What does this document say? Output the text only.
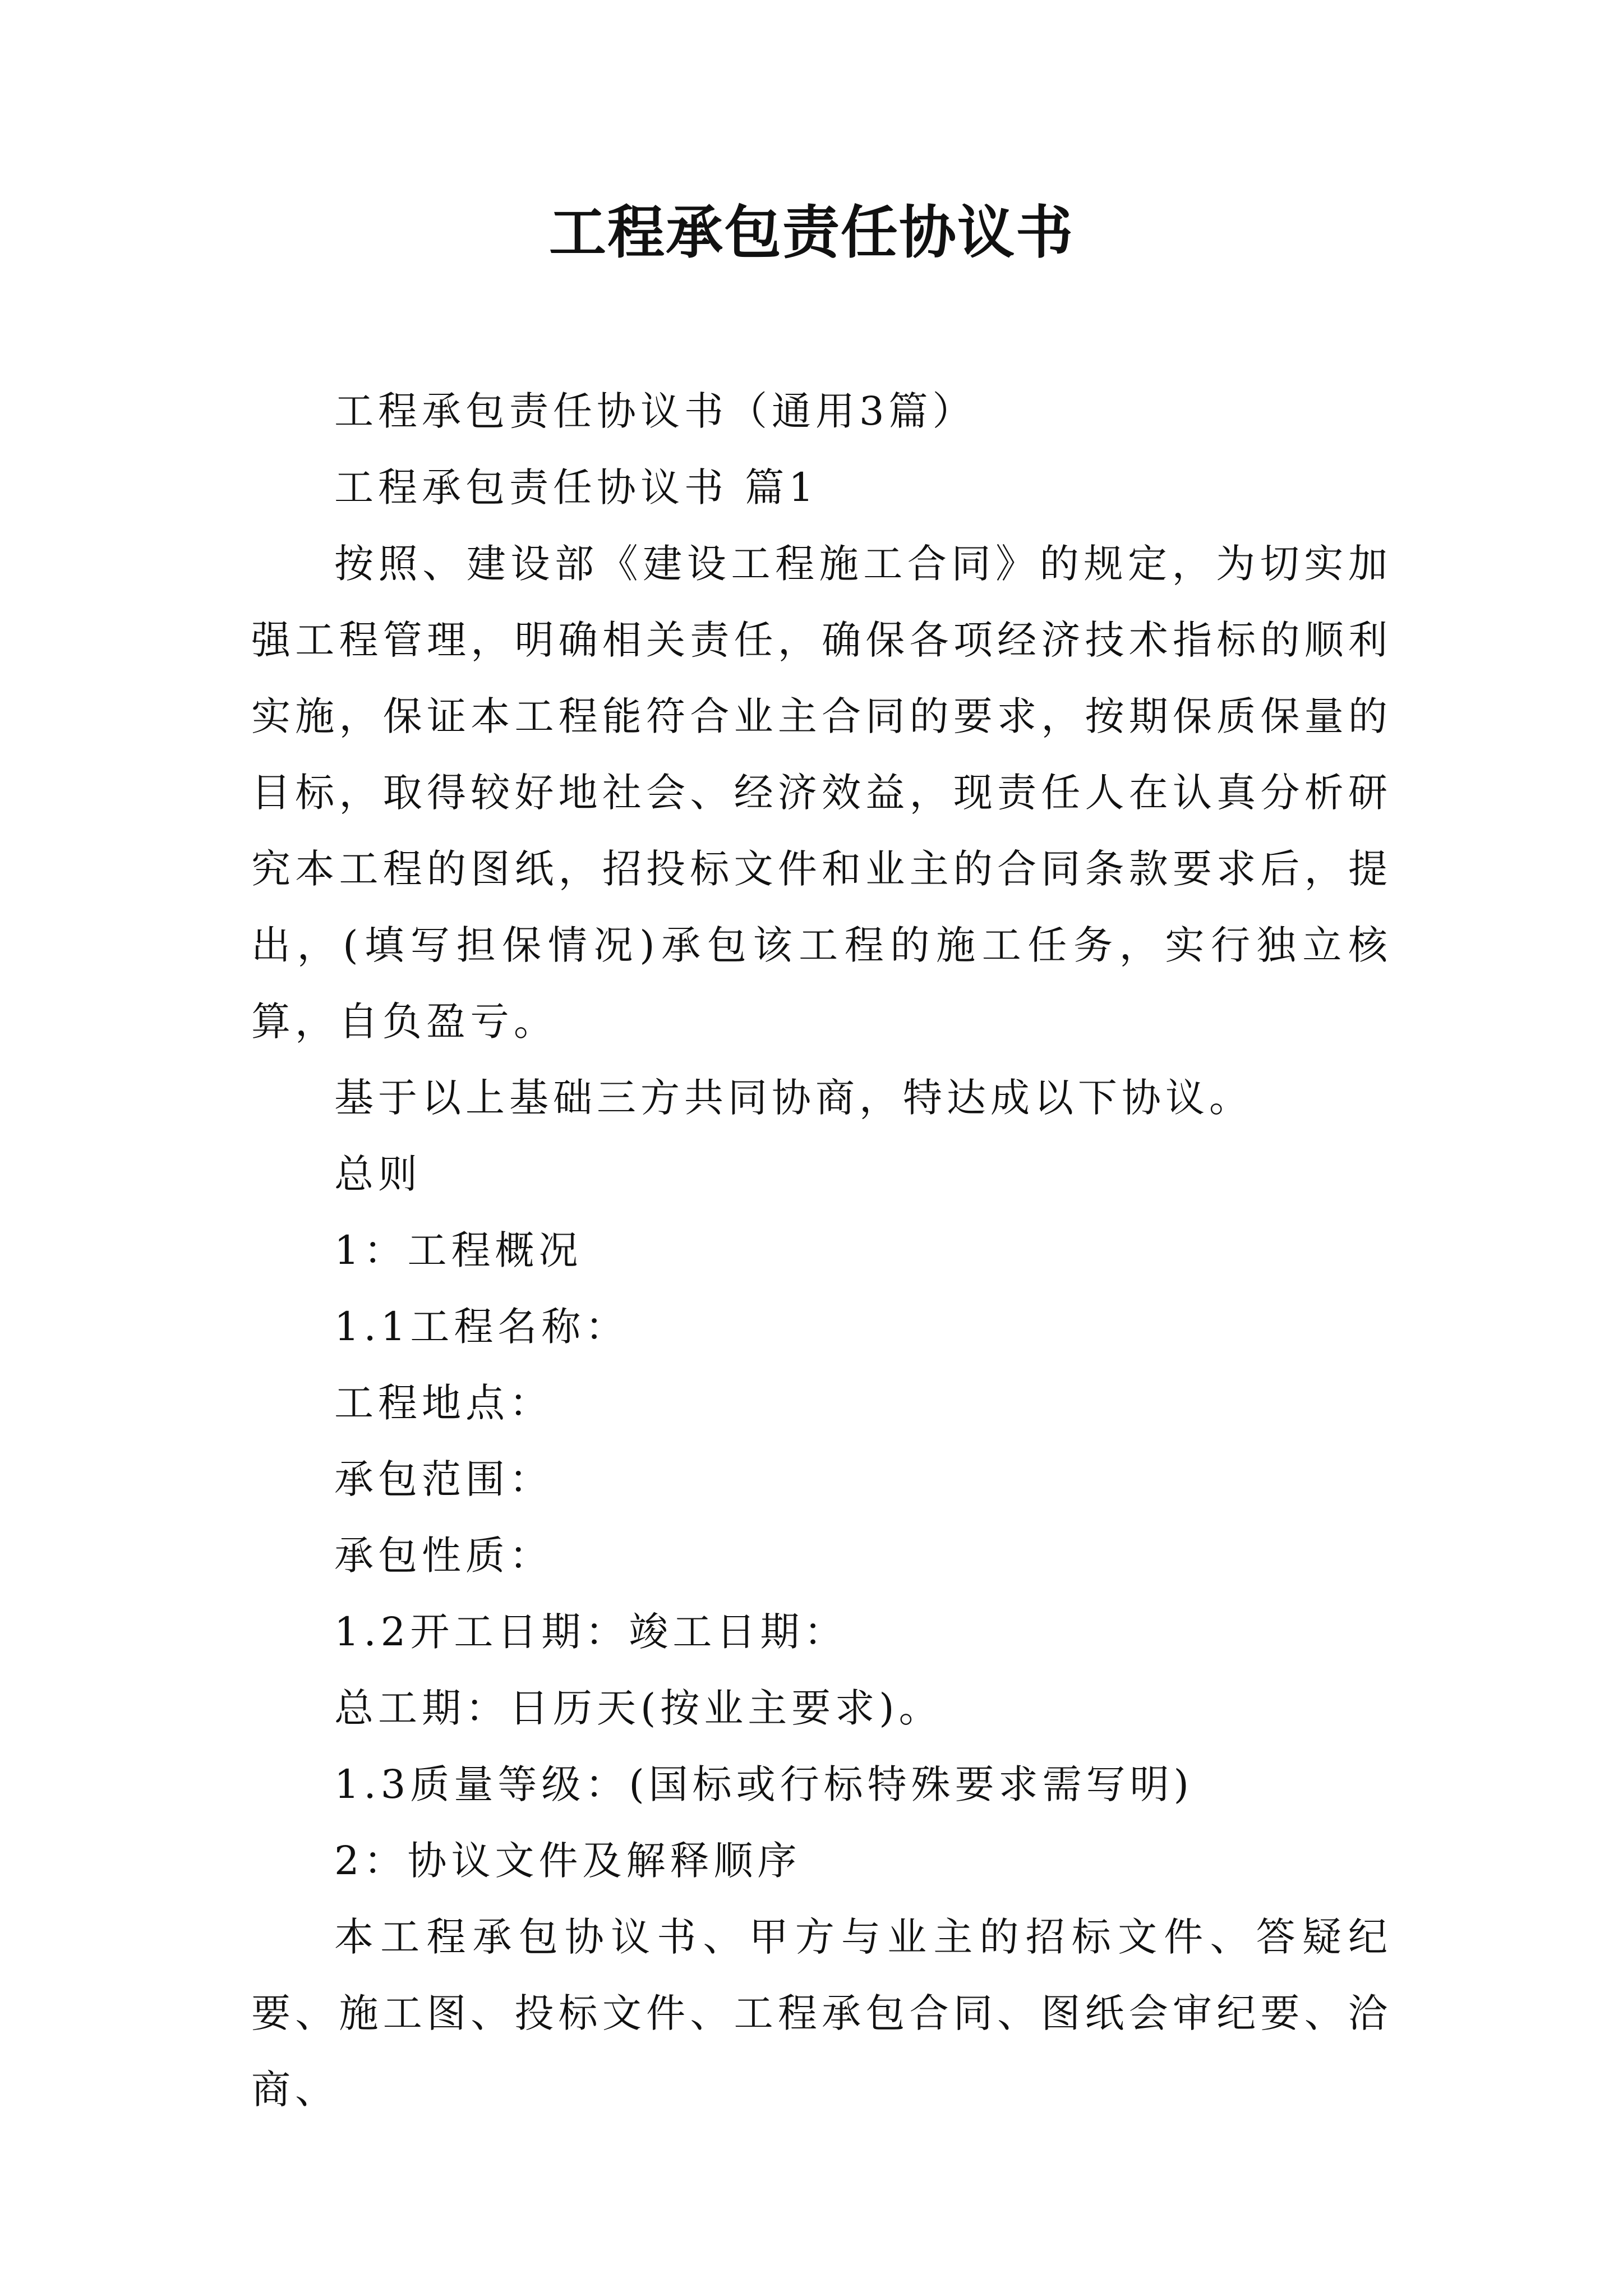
工程承包责任协议书

工程承包责任协议书（通用3篇）

工程承包责任协议书 篇1

按照、建设部《建设工程施工合同》的规定，为切实加强工程管理，明确相关责任，确保各项经济技术指标的顺利实施，保证本工程能符合业主合同的要求，按期保质保量的目标，取得较好地社会、经济效益，现责任人在认真分析研究本工程的图纸，招投标文件和业主的合同条款要求后，提出，(填写担保情况)承包该工程的施工任务，实行独立核算，自负盈亏。

基于以上基础三方共同协商，特达成以下协议。

总则

1：工程概况

1.1工程名称：

工程地点：

承包范围：

承包性质：

1.2开工日期：竣工日期：

总工期：日历天(按业主要求)。

1.3质量等级：(国标或行标特殊要求需写明)

2：协议文件及解释顺序

本工程承包协议书、甲方与业主的招标文件、答疑纪要、施工图、投标文件、工程承包合同、图纸会审纪要、洽商、
